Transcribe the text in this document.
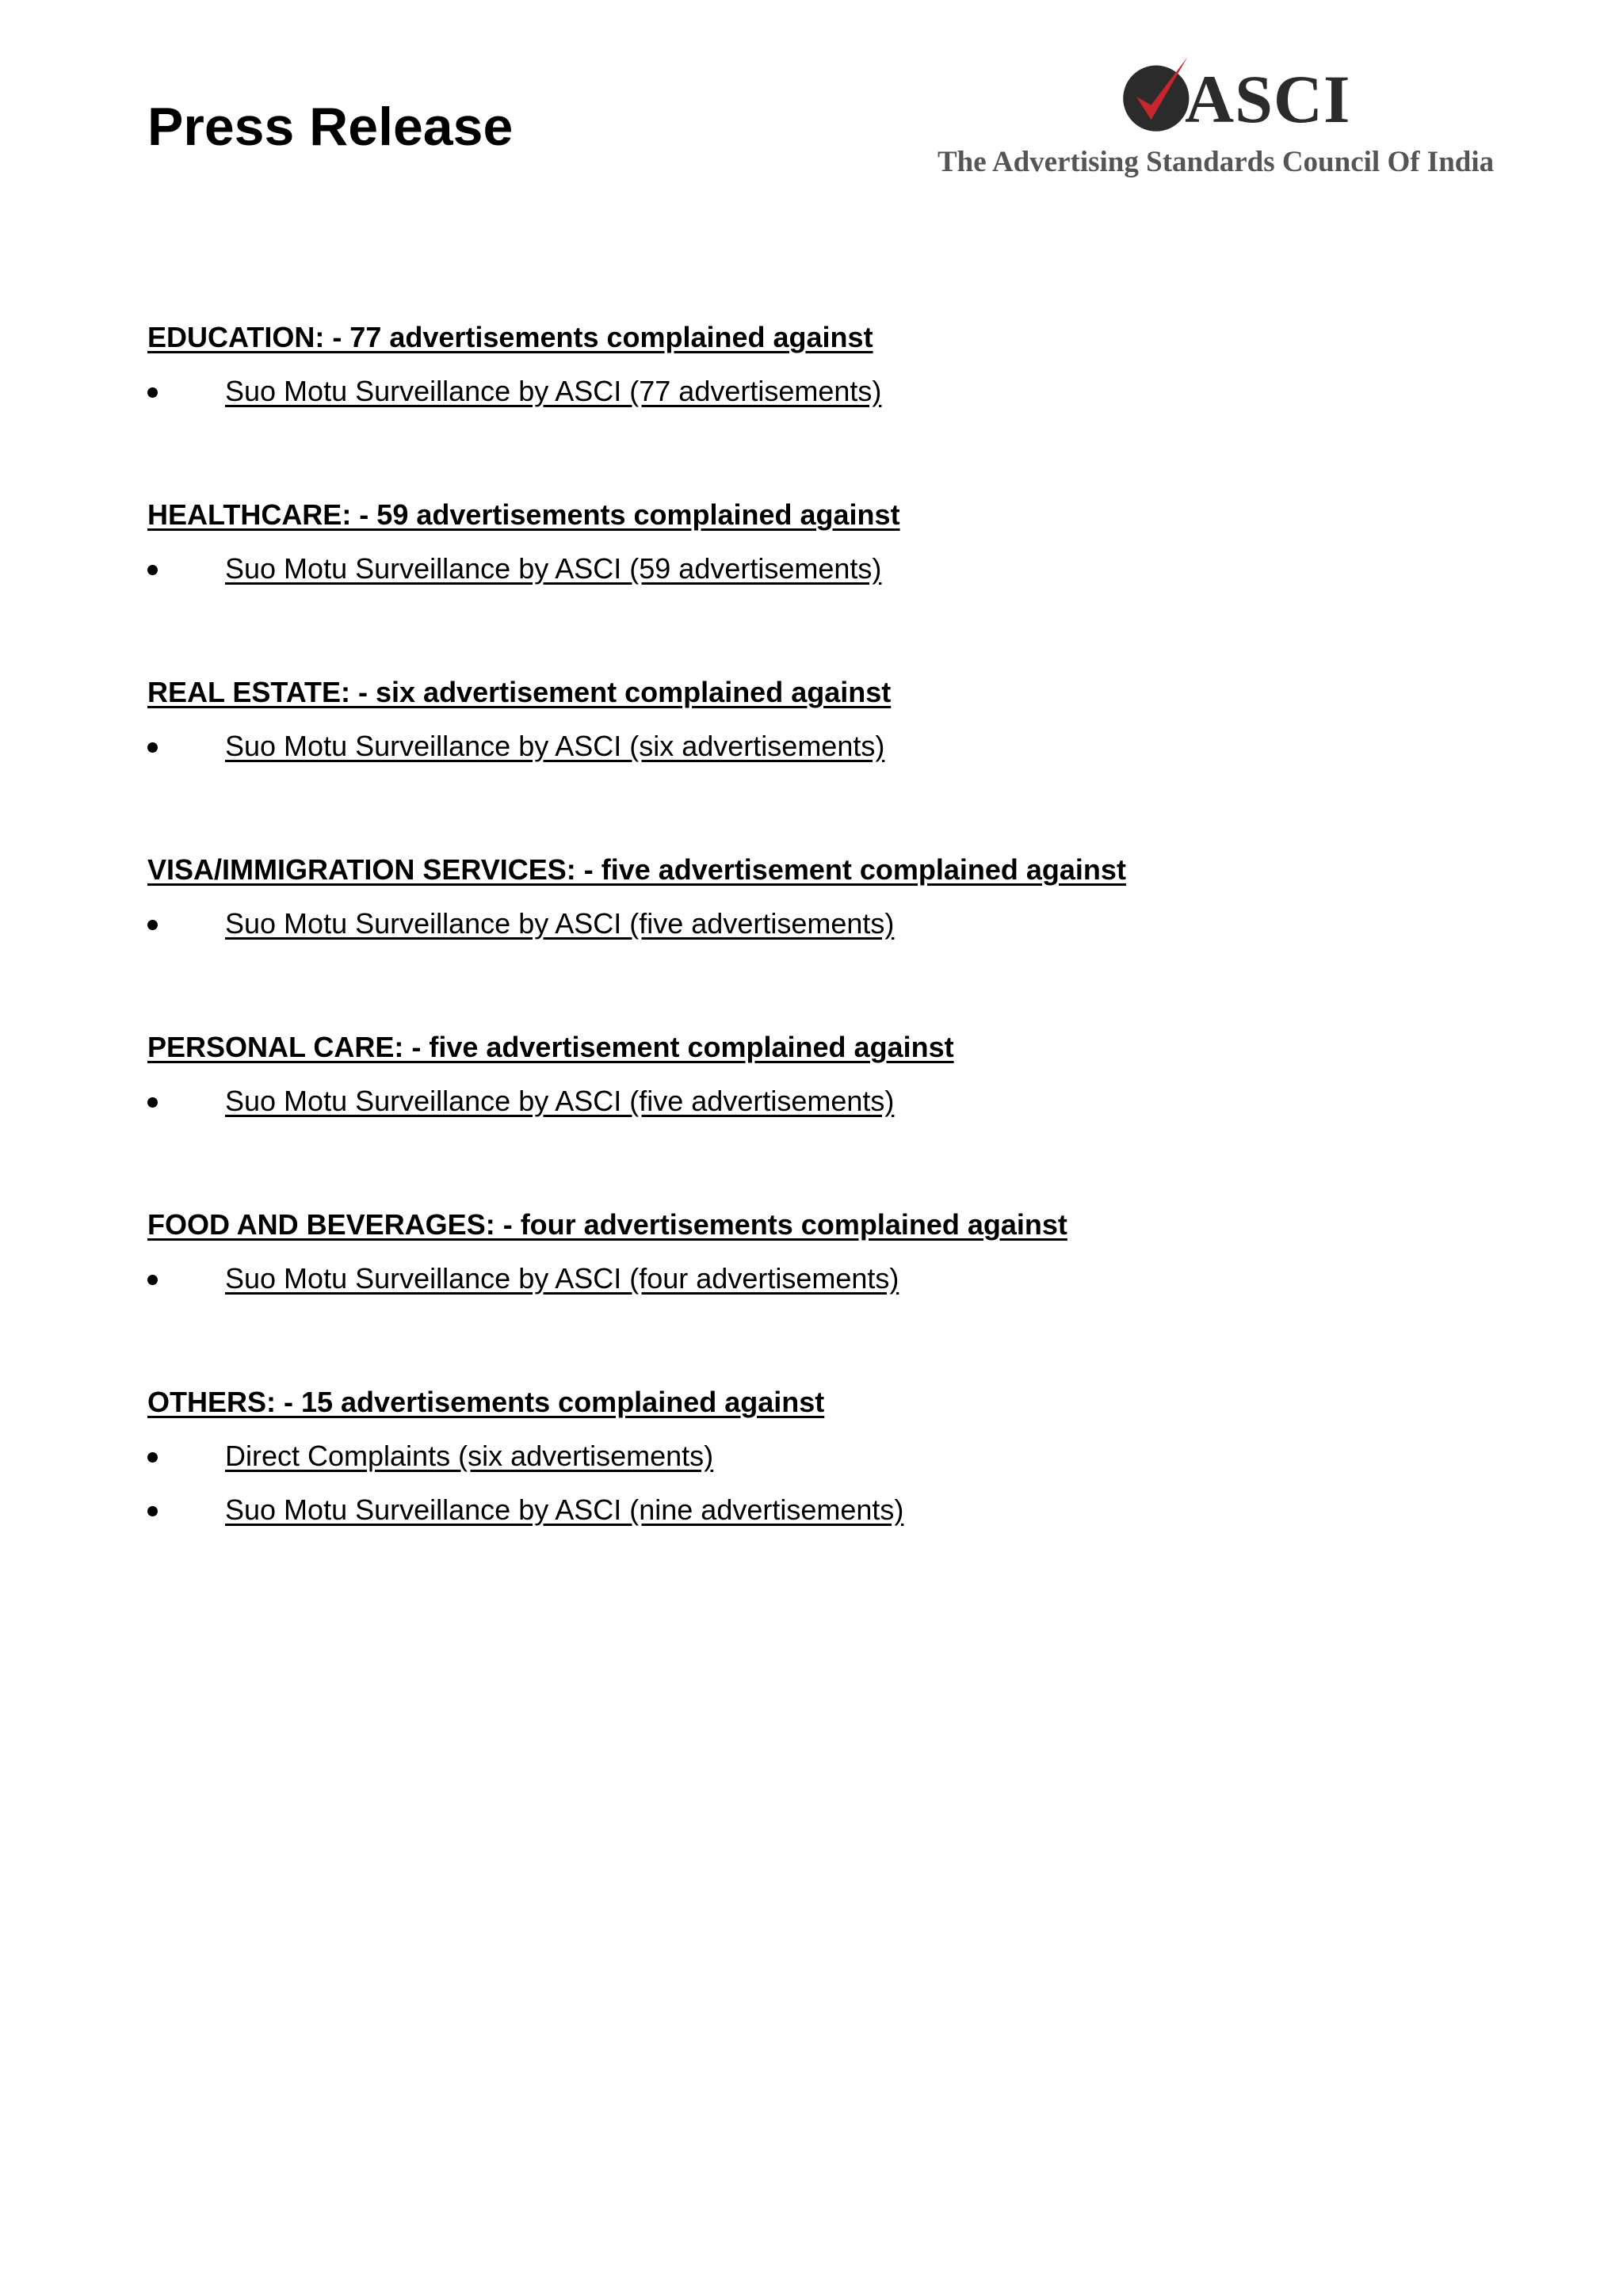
Press Release	ASCI
The Advertising Standards Council Of India
EDUCATION: - 77 advertisements complained against
Suo Motu Surveillance by ASCI (77 advertisements)
HEALTHCARE: - 59 advertisements complained against
Suo Motu Surveillance by ASCI (59 advertisements)
REAL ESTATE: - six advertisement complained against
Suo Motu Surveillance by ASCI (six advertisements)
VISA/IMMIGRATION SERVICES: - five advertisement complained against
Suo Motu Surveillance by ASCI (five advertisements)
PERSONAL CARE: - five advertisement complained against
Suo Motu Surveillance by ASCI (five advertisements)
FOOD AND BEVERAGES: - four advertisements complained against
Suo Motu Surveillance by ASCI (four advertisements)
OTHERS: - 15 advertisements complained against
Direct Complaints (six advertisements)
Suo Motu Surveillance by ASCI (nine advertisements)
